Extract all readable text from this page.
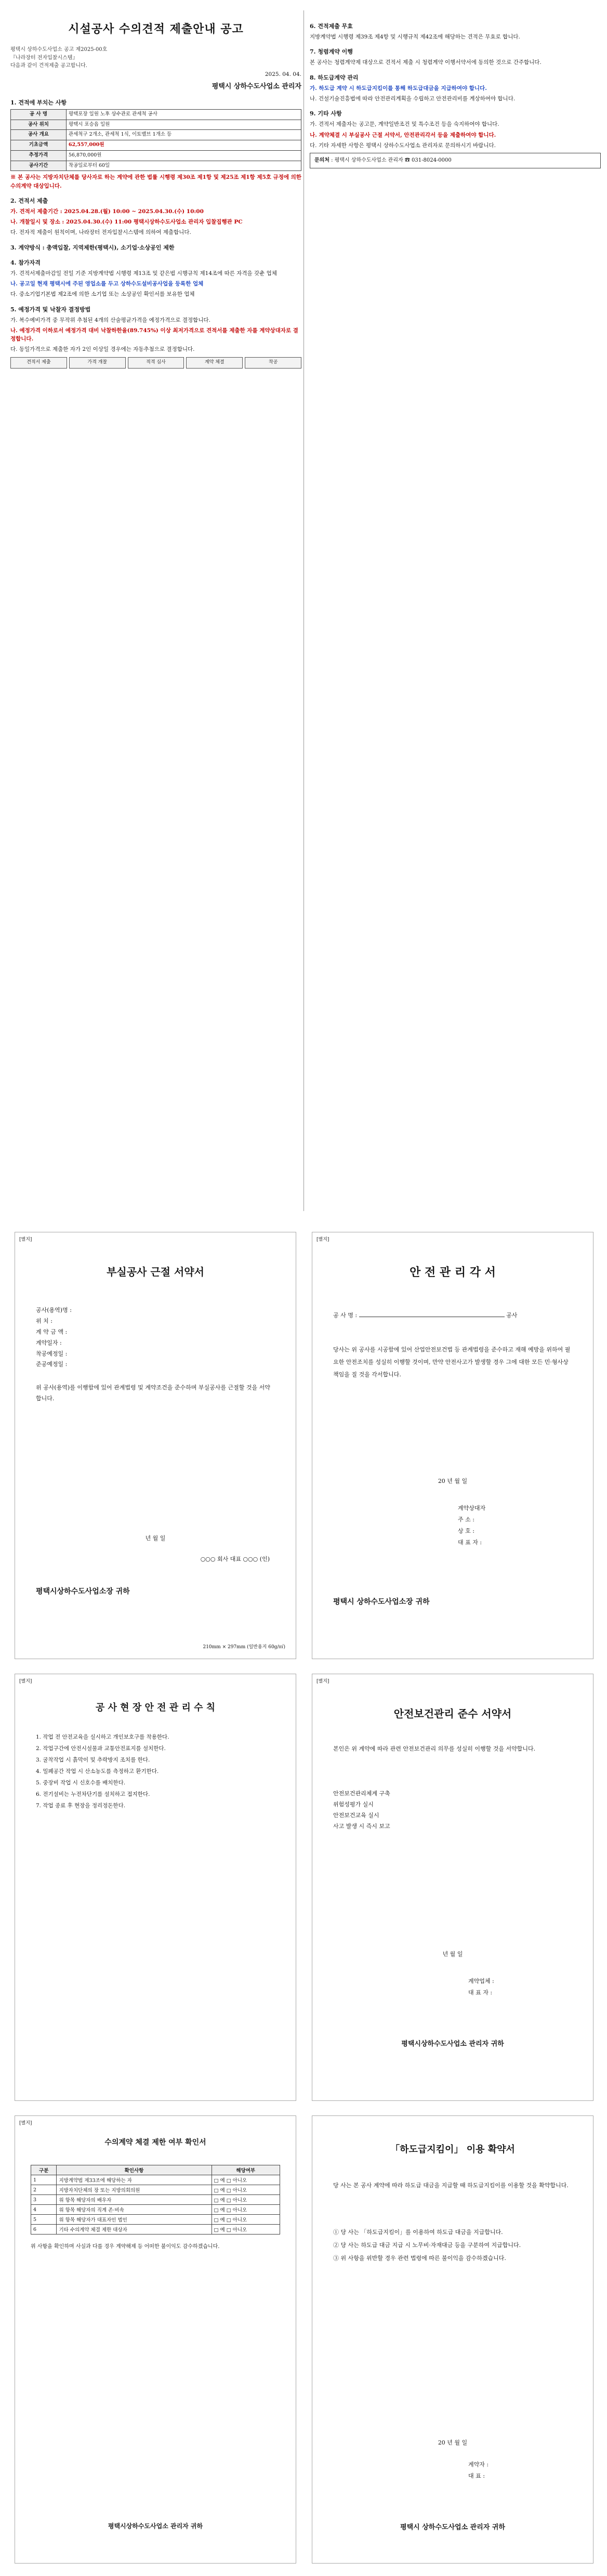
시설공사 수의견적 제출안내 공고
평택시 상하수도사업소 공고 제2025-00호
『나라장터 전자입찰시스템』
다음과 같이 견적제출 공고합니다.
2025. 04. 04.
평택시 상하수도사업소 관리자
1. 견적에 부치는 사항
공 사 명	평택포장 일원 노후 상수관로 관세척 공사
공사 위치	평택시 포승읍 일원
공사 개요	관세척구 2개소, 관세척 1식, 이토밸브 1개소 등
기초금액	62,557,000원
추정가격	56,870,000원
공사기간	착공일로부터 60일

※ 본 공사는 지방자치단체를 당사자로 하는 계약에 관한 법률 시행령 제30조 제1항 및 제25조 제1항 제5호 규정에 의한 수의계약 대상입니다.

2. 견적서 제출

가. 견적서 제출기간 : 2025.04.28.(월) 10:00 ~ 2025.04.30.(수) 10:00

나. 개찰일시 및 장소 : 2025.04.30.(수) 11:00 평택시상하수도사업소 관리자 입찰집행관 PC

다. 전자적 제출이 원칙이며, 나라장터 전자입찰시스템에 의하여 제출합니다.

3. 계약방식 : 총액입찰, 지역제한(평택시), 소기업·소상공인 제한
4. 참가자격

가. 견적서제출마감일 전일 기준 지방계약법 시행령 제13조 및 같은법 시행규칙 제14조에 따른 자격을 갖춘 업체

나. 공고일 현재 평택시에 주된 영업소를 두고 상하수도설비공사업을 등록한 업체

다. 중소기업기본법 제2조에 의한 소기업 또는 소상공인 확인서를 보유한 업체

5. 예정가격 및 낙찰자 결정방법

가. 복수예비가격 중 무작위 추첨된 4개의 산술평균가격을 예정가격으로 결정합니다.

나. 예정가격 이하로서 예정가격 대비 낙찰하한율(89.745%) 이상 최저가격으로 견적서를 제출한 자를 계약상대자로 결정합니다.

다. 동일가격으로 제출한 자가 2인 이상일 경우에는 자동추첨으로 결정합니다.

견적서 제출	가격 개찰	적격 심사	계약 체결	착공
6. 견적제출 무효

지방계약법 시행령 제39조 제4항 및 시행규칙 제42조에 해당하는 견적은 무효로 합니다.

7. 청렴계약 이행

본 공사는 청렴계약제 대상으로 견적서 제출 시 청렴계약 이행서약서에 동의한 것으로 간주합니다.

8. 하도급계약 관리

가. 하도급 계약 시 하도급지킴이를 통해 하도급대금을 지급하여야 합니다.

나. 건설기술진흥법에 따라 안전관리계획을 수립하고 안전관리비를 계상하여야 합니다.

9. 기타 사항

가. 견적서 제출자는 공고문, 계약일반조건 및 특수조건 등을 숙지하여야 합니다.

나. 계약체결 시 부실공사 근절 서약서, 안전관리각서 등을 제출하여야 합니다.

다. 기타 자세한 사항은 평택시 상하수도사업소 관리자로 문의하시기 바랍니다.

문의처 : 평택시 상하수도사업소 관리자 ☎ 031-8024-0000
[별지]
부실공사 근절 서약서
공사(용역)명 :
위 치 :
계 약 금 액 :
계약일자 :
착공예정일 :
준공예정일 :

위 공사(용역)를 이행함에 있어 관계법령 및 계약조건을 준수하며 부실공사를 근절할 것을 서약합니다.

년 월 일
○○○ 회사 대표 ○○○ (인)
평택시상하수도사업소장 귀하
210mm × 297mm (일반용지 60g/㎡)
[별지]
안 전 관 리 각 서
공 사 명 :	공사

당사는 위 공사를 시공함에 있어 산업안전보건법 등 관계법령을 준수하고 재해 예방을 위하여 필요한 안전조치를 성실히 이행할 것이며, 만약 안전사고가 발생할 경우 그에 대한 모든 민·형사상 책임을 질 것을 각서합니다.

20 년 월 일
계약상대자
주 소 :
상 호 :
대 표 자 :
평택시 상하수도사업소장 귀하
[별지]
공 사 현 장 안 전 관 리 수 칙
1. 작업 전 안전교육을 실시하고 개인보호구를 착용한다.
2. 작업구간에 안전시설물과 교통안전표지를 설치한다.
3. 굴착작업 시 흙막이 및 추락방지 조치를 한다.
4. 밀폐공간 작업 시 산소농도를 측정하고 환기한다.
5. 중장비 작업 시 신호수를 배치한다.
6. 전기설비는 누전차단기를 설치하고 접지한다.
7. 작업 종료 후 현장을 정리정돈한다.
[별지]
안전보건관리 준수 서약서

본인은 위 계약에 따라 관련 안전보건관리 의무를 성실히 이행할 것을 서약합니다.

안전보건관리체계 구축
위험성평가 실시
안전보건교육 실시
사고 발생 시 즉시 보고
년 월 일
계약업체 :
대 표 자 :
평택시상하수도사업소 관리자 귀하
[별지]
수의계약 체결 제한 여부 확인서
구분	확인사항	해당여부
1	지방계약법 제33조에 해당하는 자	□ 예 □ 아니오
2	지방자치단체의 장 또는 지방의회의원	□ 예 □ 아니오
3	위 항목 해당자의 배우자	□ 예 □ 아니오
4	위 항목 해당자의 직계 존·비속	□ 예 □ 아니오
5	위 항목 해당자가 대표자인 법인	□ 예 □ 아니오
6	기타 수의계약 체결 제한 대상자	□ 예 □ 아니오

위 사항을 확인하며 사실과 다를 경우 계약해제 등 어떠한 불이익도 감수하겠습니다.

평택시상하수도사업소 관리자 귀하
「하도급지킴이」 이용 확약서

당 사는 본 공사 계약에 따라 하도급 대금을 지급할 때 하도급지킴이를 이용할 것을 확약합니다.

① 당 사는 「하도급지킴이」를 이용하여 하도급 대금을 지급합니다.

② 당 사는 하도급 대금 지급 시 노무비·자재대금 등을 구분하여 지급합니다.

③ 위 사항을 위반할 경우 관련 법령에 따른 불이익을 감수하겠습니다.

20 년 월 일
계약자 :
대 표 :
평택시 상하수도사업소 관리자 귀하
